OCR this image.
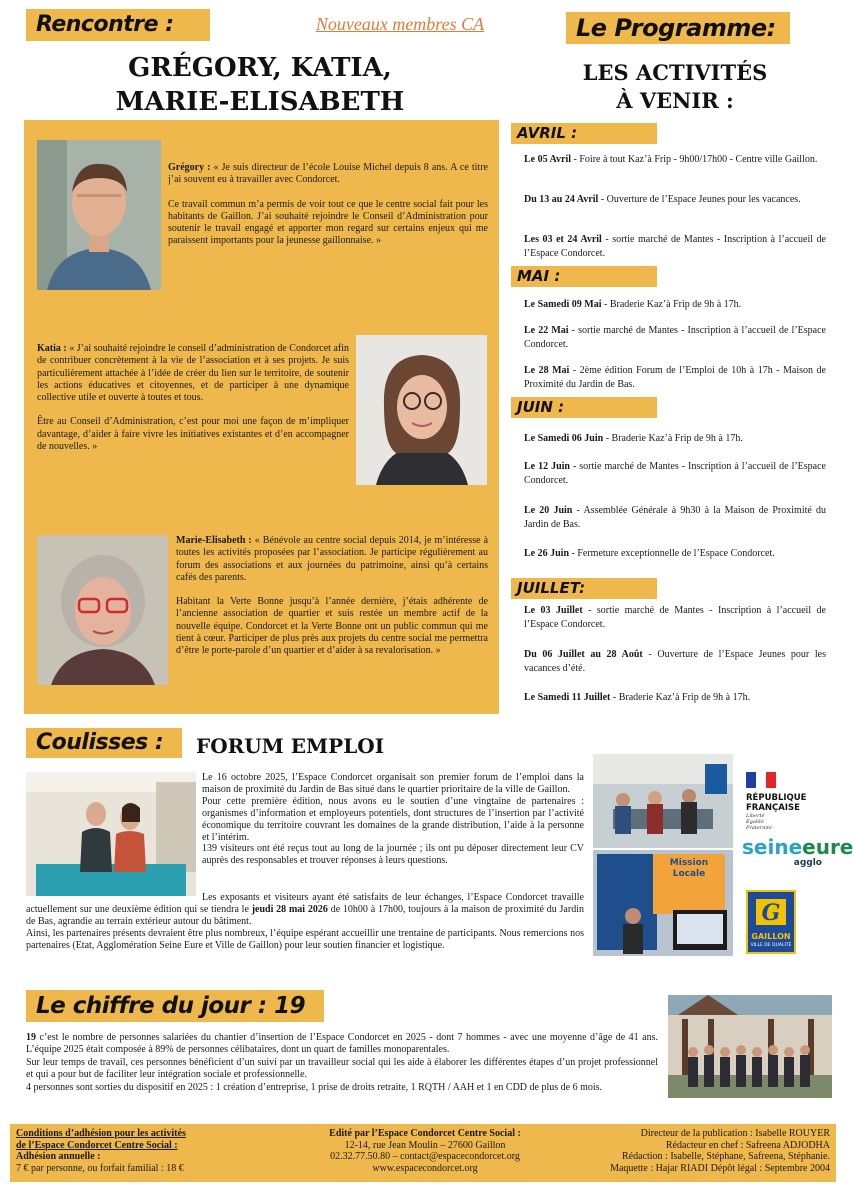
Rencontre :	Nouveaux membres CA
GRÉGORY, KATIA,
MARIE-ELISABETH
Le Programme:
LES ACTIVITÉS
À VENIR :

Grégory : « Je suis directeur de l’école Louise Michel depuis 8 ans. A ce titre j’ai souvent eu à travailler avec Condorcet.

Ce travail commun m’a permis de voir tout ce que le centre social fait pour les habitants de Gaillon. J’ai souhaité rejoindre le Conseil d’Administration pour soutenir le travail engagé et apporter mon regard sur certains enjeux qui me paraissent importants pour la jeunesse gaillonnaise. »

Katia : « J’ai souhaité rejoindre le conseil d’administration de Condorcet afin de contribuer concrètement à la vie de l’association et à ses projets. Je suis particulièrement attachée à l’idée de créer du lien sur le territoire, de soutenir les actions éducatives et citoyennes, et de participer à une dynamique collective utile et ouverte à toutes et tous.

Être au Conseil d’Administration, c’est pour moi une façon de m’impliquer davantage, d’aider à faire vivre les initiatives existantes et d’en accompagner de nouvelles. »

Marie-Elisabeth : « Bénévole au centre social depuis 2014, je m’intéresse à toutes les activités proposées par l’association. Je participe régulièrement au forum des associations et aux journées du patrimoine, ainsi qu’à certains cafés des parents.

Habitant la Verte Bonne jusqu’à l’année dernière, j’étais adhérente de l’ancienne association de quartier et suis restée un membre actif de la nouvelle équipe. Condorcet et la Verte Bonne ont un public commun qui me tient à cœur. Participer de plus près aux projets du centre social me permettra d’être le porte-parole d’un quartier et d’aider à sa revalorisation. »

AVRIL :
Le 05 Avril - Foire à tout Kaz’à Frip - 9h00/17h00 - Centre ville Gaillon.
Du 13 au 24 Avril - Ouverture de l’Espace Jeunes pour les vacances.
Les 03 et 24 Avril - sortie marché de Mantes - Inscription à l’accueil de l’Espace Condorcet.
MAI :
Le Samedi 09 Mai - Braderie Kaz’à Frip de 9h à 17h.
Le 22 Mai - sortie marché de Mantes - Inscription à l’accueil de l’Espace Condorcet.
Le 28 Mai - 2ème édition Forum de l’Emploi de 10h à 17h - Maison de Proximité du Jardin de Bas.
JUIN :
Le Samedi 06 Juin - Braderie Kaz’à Frip de 9h à 17h.
Le 12 Juin - sortie marché de Mantes - Inscription à l’accueil de l’Espace Condorcet.
Le 20 Juin - Assemblée Générale à 9h30 à la Maison de Proximité du Jardin de Bas.
Le 26 Juin - Fermeture exceptionnelle de l’Espace Condorcet.
JUILLET:
Le 03 Juillet - sortie marché de Mantes - Inscription à l’accueil de l’Espace Condorcet.
Du 06 Juillet au 28 Août - Ouverture de l’Espace Jeunes pour les vacances d’été.
Le Samedi 11 Juillet - Braderie Kaz’à Frip de 9h à 17h.
Coulisses :	FORUM EMPLOI
Le 16 octobre 2025, l’Espace Condorcet organisait son premier forum de l’emploi dans la maison de proximité du Jardin de Bas situé dans le quartier prioritaire de la ville de Gaillon.
Pour cette première édition, nous avons eu le soutien d’une vingtaine de partenaires : organismes d’information et employeurs potentiels, dont structures de l’insertion par l’activité économique du territoire couvrant les domaines de la grande distribution, l’aide à la personne et l’intérim.
139 visiteurs ont été reçus tout au long de la journée ; ils ont pu déposer directement leur CV auprès des responsables et trouver réponses à leurs questions.
Les exposants et visiteurs ayant été satisfaits de leur échanges, l’Espace Condorcet travaille actuellement sur une deuxième édition qui se tiendra le jeudi 28 mai 2026 de 10h00 à 17h00, toujours à la maison de proximité du Jardin de Bas, agrandie au terrain extérieur autour du bâtiment.
Ainsi, les partenaires présents devraient être plus nombreux, l’équipe espérant accueillir une trentaine de participants. Nous remercions nos partenaires (Etat, Agglomération Seine Eure et Ville de Gaillon) pour leur soutien financier et logistique.
Mission
Locale
RÉPUBLIQUE
FRANÇAISE
Liberté Égalité Fraternité
seineeure
agglo
G
GAILLON
VILLE DE QUALITÉ
Le chiffre du jour : 19
19 c’est le nombre de personnes salariées du chantier d’insertion de l’Espace Condorcet en 2025 - dont 7 hommes - avec une moyenne d’âge de 41 ans. L’équipe 2025 était composée à 89% de personnes célibataires, dont un quart de familles monoparentales.
Sur leur temps de travail, ces personnes bénéficient d’un suivi par un travailleur social qui les aide à élaborer les différentes étapes d’un projet professionnel et qui a pour but de faciliter leur intégration sociale et professionnelle.
4 personnes sont sorties du dispositif en 2025 : 1 création d’entreprise, 1 prise de droits retraite, 1 RQTH / AAH et 1 en CDD de plus de 6 mois.
Conditions d’adhésion pour les activités
de l’Espace Condorcet Centre Social :
Adhésion annuelle :
7 € par personne, ou forfait familial : 18 €
Edité par l’Espace Condorcet Centre Social :
12-14, rue Jean Moulin – 27600 Gaillon
02.32.77.50.80 – contact@espacecondorcet.org
www.espacecondorcet.org
Directeur de la publication : Isabelle ROUYER
Rédacteur en chef : Safreena ADJODHA
Rédaction : Isabelle, Stéphane, Safreena, Stéphanie.
Maquette : Hajar RIADI Dépôt légal : Septembre 2004
